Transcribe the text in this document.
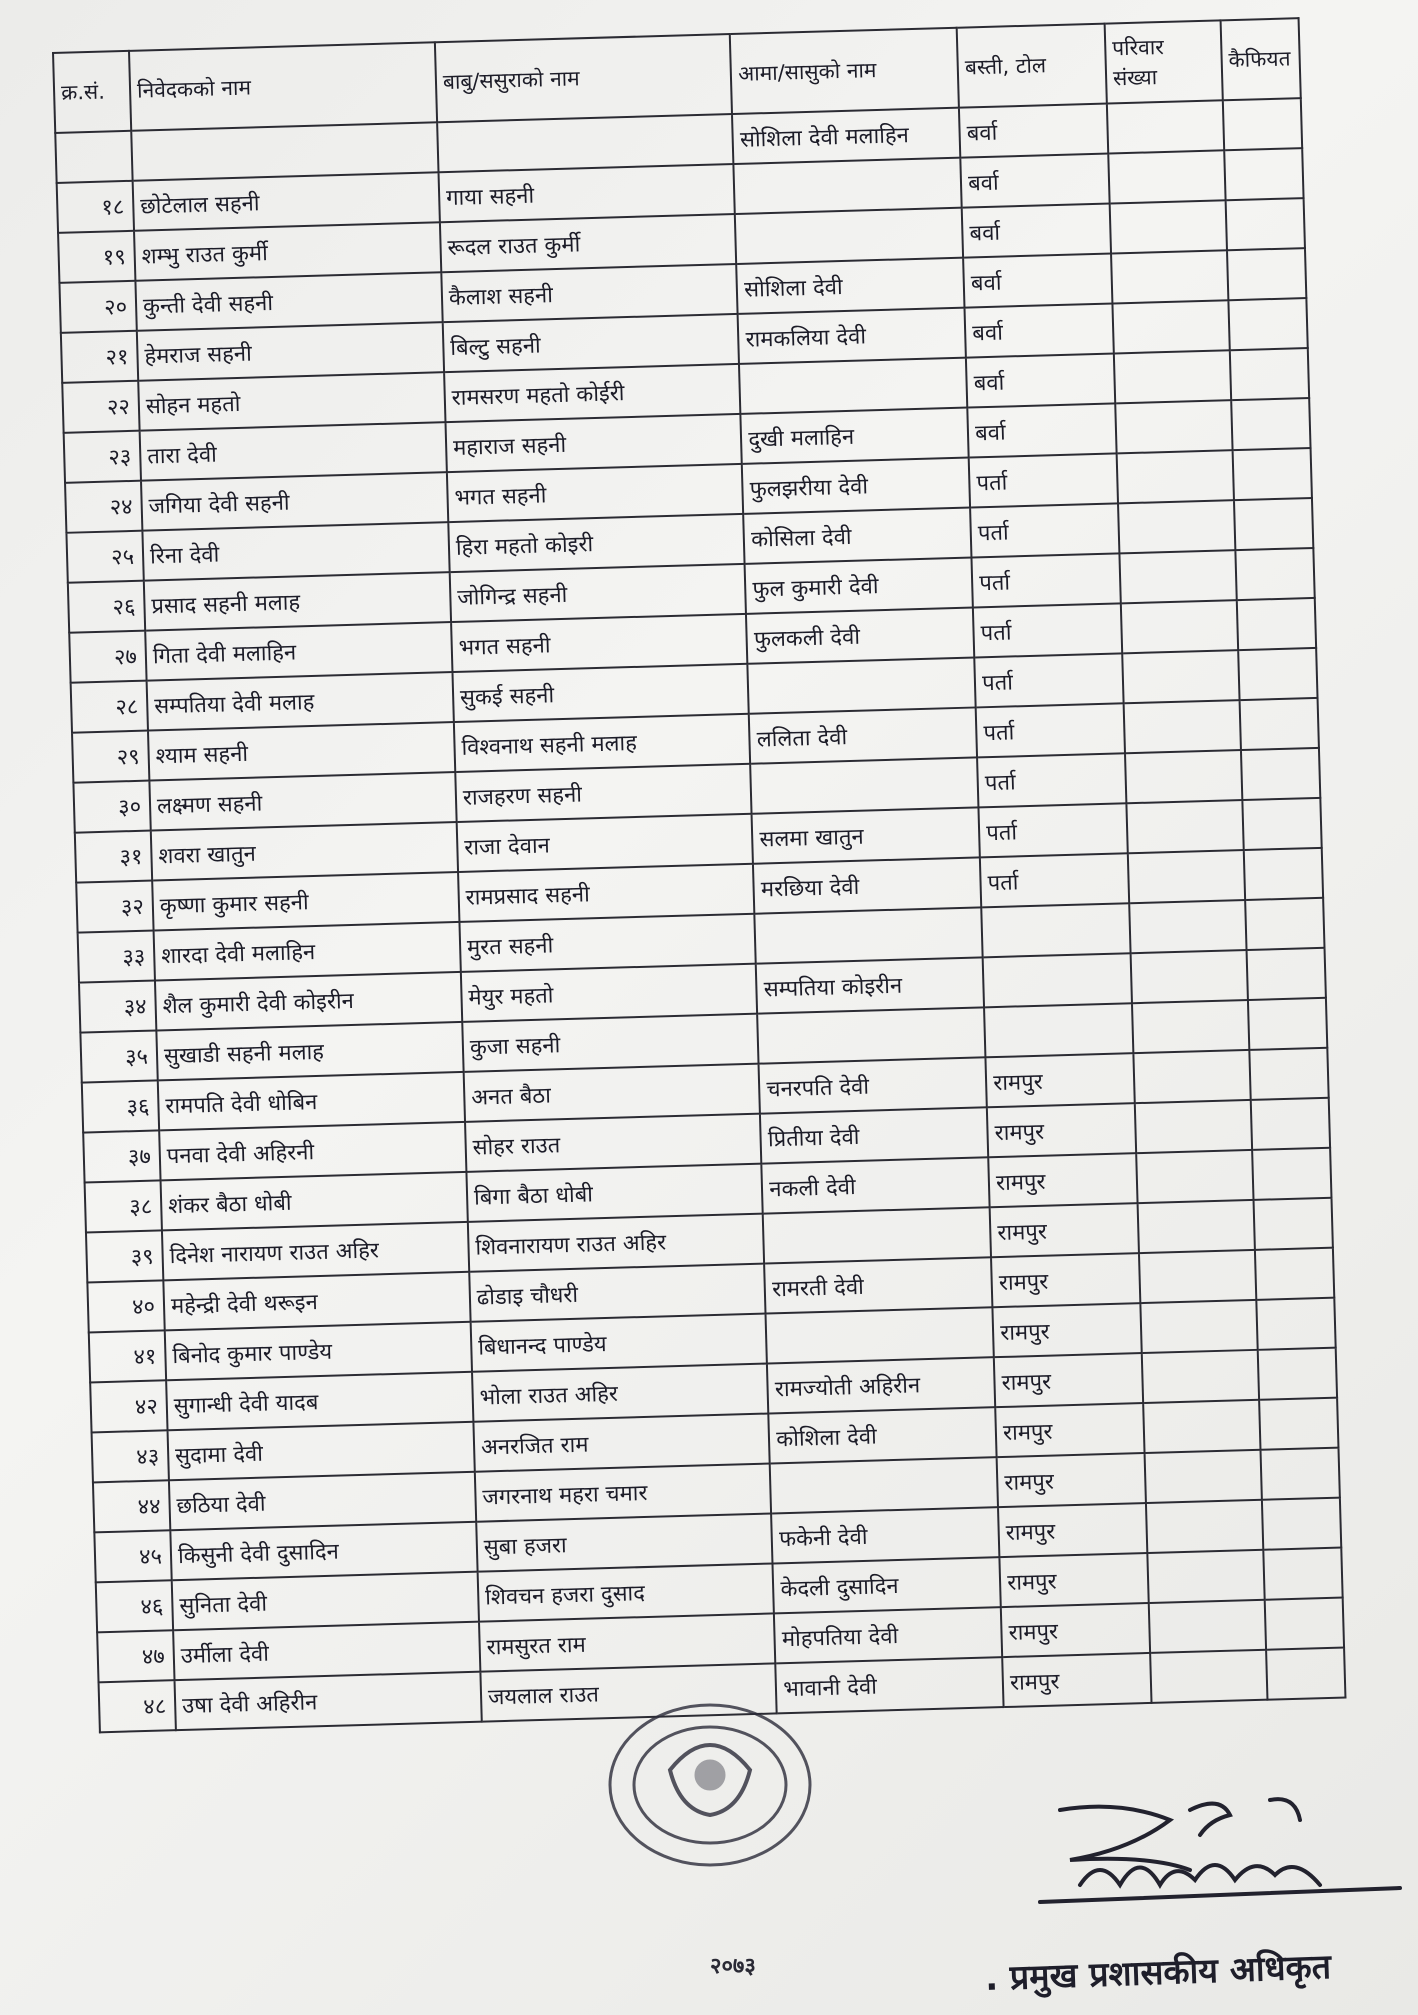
क्र.सं.	निवेदकको नाम	बाबु/ससुराको नाम	आमा/सासुको नाम	बस्ती, टोल	परिवार संख्या	कैफियत
			सोशिला देवी मलाहिन	बर्वा		
१८	छोटेलाल सहनी	गाया सहनी		बर्वा		
१९	शम्भु राउत कुर्मी	रूदल राउत कुर्मी		बर्वा		
२०	कुन्ती देवी सहनी	कैलाश सहनी	सोशिला देवी	बर्वा		
२१	हेमराज सहनी	बिल्टु सहनी	रामकलिया देवी	बर्वा		
२२	सोहन महतो	रामसरण महतो कोईरी		बर्वा		
२३	तारा देवी	महाराज सहनी	दुखी मलाहिन	बर्वा		
२४	जगिया देवी सहनी	भगत सहनी	फुलझरीया देवी	पर्ता		
२५	रिना देवी	हिरा महतो कोइरी	कोसिला देवी	पर्ता		
२६	प्रसाद सहनी मलाह	जोगिन्द्र सहनी	फुल कुमारी देवी	पर्ता		
२७	गिता देवी मलाहिन	भगत सहनी	फुलकली देवी	पर्ता		
२८	सम्पतिया देवी मलाह	सुकई सहनी		पर्ता		
२९	श्याम सहनी	विश्वनाथ सहनी मलाह	ललिता देवी	पर्ता		
३०	लक्ष्मण सहनी	राजहरण सहनी		पर्ता		
३१	शवरा खातुन	राजा देवान	सलमा खातुन	पर्ता		
३२	कृष्णा कुमार सहनी	रामप्रसाद सहनी	मरछिया देवी	पर्ता		
३३	शारदा देवी मलाहिन	मुरत सहनी				
३४	शैल कुमारी देवी कोइरीन	मेयुर महतो	सम्पतिया कोइरीन			
३५	सुखाडी सहनी मलाह	कुजा सहनी				
३६	रामपति देवी धोबिन	अनत बैठा	चनरपति देवी	रामपुर		
३७	पनवा देवी अहिरनी	सोहर राउत	प्रितीया देवी	रामपुर		
३८	शंकर बैठा धोबी	बिगा बैठा धोबी	नकली देवी	रामपुर		
३९	दिनेश नारायण राउत अहिर	शिवनारायण राउत अहिर		रामपुर		
४०	महेन्द्री देवी थरूइन	ढोडाइ चौधरी	रामरती देवी	रामपुर		
४१	बिनोद कुमार पाण्डेय	बिधानन्द पाण्डेय		रामपुर		
४२	सुगान्धी देवी यादब	भोला राउत अहिर	रामज्योती अहिरीन	रामपुर		
४३	सुदामा देवी	अनरजित राम	कोशिला देवी	रामपुर		
४४	छठिया देवी	जगरनाथ महरा चमार		रामपुर		
४५	किसुनी देवी दुसादिन	सुबा हजरा	फकेनी देवी	रामपुर		
४६	सुनिता देवी	शिवचन हजरा दुसाद	केदली दुसादिन	रामपुर		
४७	उर्मीला देवी	रामसुरत राम	मोहपतिया देवी	रामपुर		
४८	उषा देवी अहिरीन	जयलाल राउत	भावानी देवी	रामपुर		
२०७३	. प्रमुख प्रशासकीय अधिकृत
